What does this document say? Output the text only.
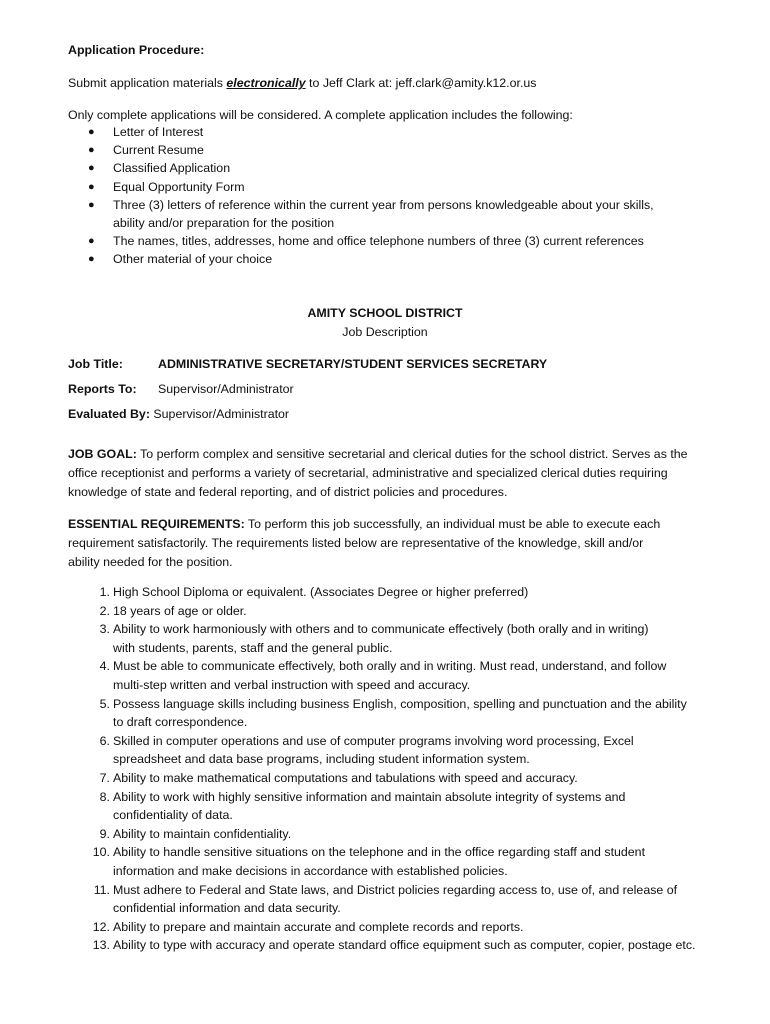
Application Procedure:
Submit application materials electronically to Jeff Clark at: jeff.clark@amity.k12.or.us
Only complete applications will be considered. A complete application includes the following:
● Letter of Interest
● Current Resume
● Classified Application
● Equal Opportunity Form
● Three (3) letters of reference within the current year from persons knowledgeable about your skills,
ability and/or preparation for the position
● The names, titles, addresses, home and office telephone numbers of three (3) current references
● Other material of your choice
AMITY SCHOOL DISTRICT
Job Description
Job Title:	ADMINISTRATIVE SECRETARY/STUDENT SERVICES SECRETARY
Reports To: Supervisor/Administrator
Evaluated By: Supervisor/Administrator
JOB GOAL: To perform complex and sensitive secretarial and clerical duties for the school district. Serves as the
office receptionist and performs a variety of secretarial, administrative and specialized clerical duties requiring
knowledge of state and federal reporting, and of district policies and procedures.
ESSENTIAL REQUIREMENTS: To perform this job successfully, an individual must be able to execute each
requirement satisfactorily. The requirements listed below are representative of the knowledge, skill and/or
ability needed for the position.
1. High School Diploma or equivalent. (Associates Degree or higher preferred)
2. 18 years of age or older.
3. Ability to work harmoniously with others and to communicate effectively (both orally and in writing)
with students, parents, staff and the general public.
4. Must be able to communicate effectively, both orally and in writing. Must read, understand, and follow
multi-step written and verbal instruction with speed and accuracy.
5. Possess language skills including business English, composition, spelling and punctuation and the ability
to draft correspondence.
6. Skilled in computer operations and use of computer programs involving word processing, Excel
spreadsheet and data base programs, including student information system.
7. Ability to make mathematical computations and tabulations with speed and accuracy.
8. Ability to work with highly sensitive information and maintain absolute integrity of systems and
confidentiality of data.
9. Ability to maintain confidentiality.
10. Ability to handle sensitive situations on the telephone and in the office regarding staff and student
information and make decisions in accordance with established policies.
11. Must adhere to Federal and State laws, and District policies regarding access to, use of, and release of
confidential information and data security.
12. Ability to prepare and maintain accurate and complete records and reports.
13. Ability to type with accuracy and operate standard office equipment such as computer, copier, postage etc.
